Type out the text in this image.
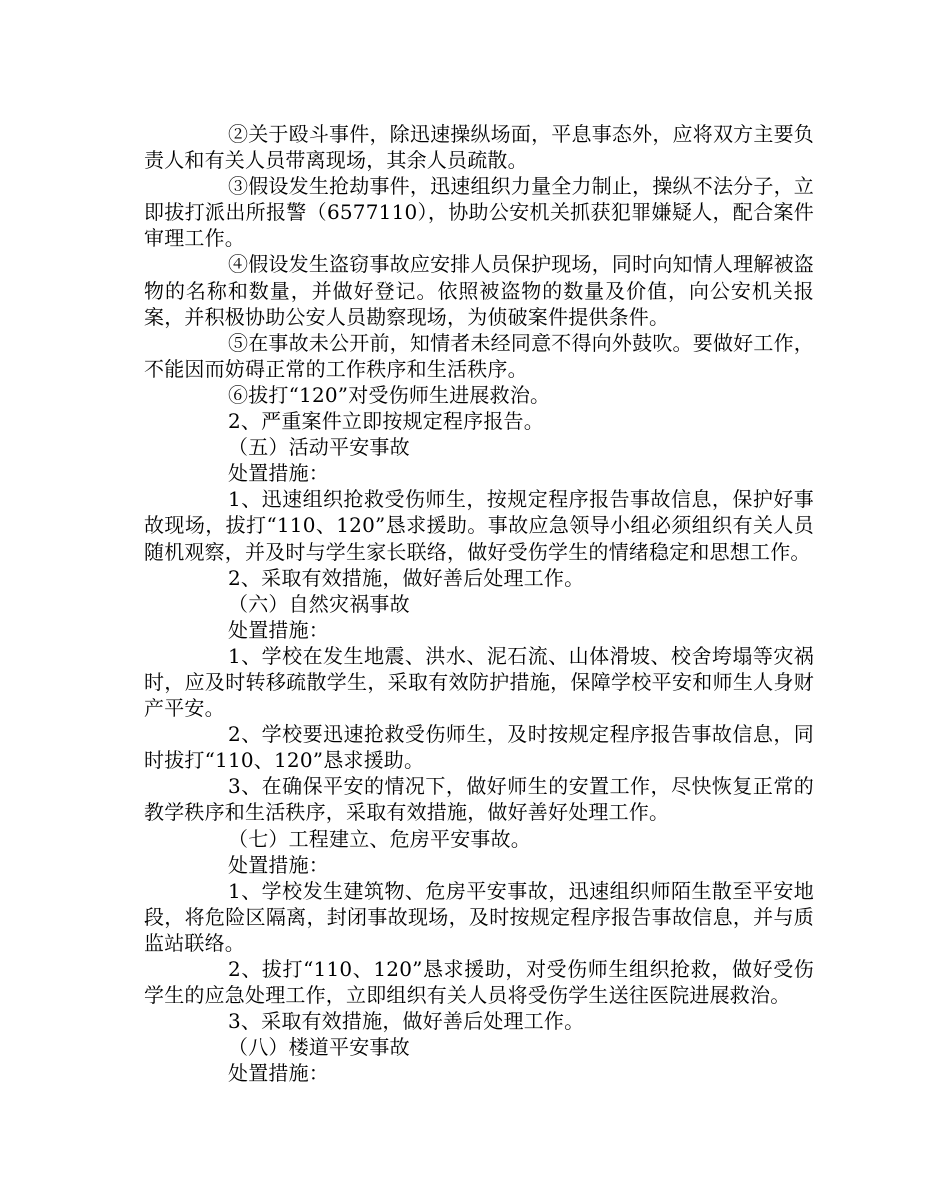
②关于殴斗事件，除迅速操纵场面，平息事态外，应将双方主要负责人和有关人员带离现场，其余人员疏散。

③假设发生抢劫事件，迅速组织力量全力制止，操纵不法分子，立即拔打派出所报警（6577110），协助公安机关抓获犯罪嫌疑人，配合案件审理工作。

④假设发生盗窃事故应安排人员保护现场，同时向知情人理解被盗物的名称和数量，并做好登记。依照被盗物的数量及价值，向公安机关报案，并积极协助公安人员勘察现场，为侦破案件提供条件。

⑤在事故未公开前，知情者未经同意不得向外鼓吹。要做好工作，不能因而妨碍正常的工作秩序和生活秩序。

⑥拔打“120”对受伤师生进展救治。

2、严重案件立即按规定程序报告。

（五）活动平安事故

处置措施：

1、迅速组织抢救受伤师生，按规定程序报告事故信息，保护好事故现场，拔打“110、120”恳求援助。事故应急领导小组必须组织有关人员随机观察，并及时与学生家长联络，做好受伤学生的情绪稳定和思想工作。

2、采取有效措施，做好善后处理工作。

（六）自然灾祸事故

处置措施：

1、学校在发生地震、洪水、泥石流、山体滑坡、校舍垮塌等灾祸时，应及时转移疏散学生，采取有效防护措施，保障学校平安和师生人身财产平安。

2、学校要迅速抢救受伤师生，及时按规定程序报告事故信息，同时拔打“110、120”恳求援助。

3、在确保平安的情况下，做好师生的安置工作，尽快恢复正常的教学秩序和生活秩序，采取有效措施，做好善好处理工作。

（七）工程建立、危房平安事故。

处置措施：

1、学校发生建筑物、危房平安事故，迅速组织师陌生散至平安地段，将危险区隔离，封闭事故现场，及时按规定程序报告事故信息，并与质监站联络。

2、拔打“110、120”恳求援助，对受伤师生组织抢救，做好受伤学生的应急处理工作，立即组织有关人员将受伤学生送往医院进展救治。

3、采取有效措施，做好善后处理工作。

（八）楼道平安事故

处置措施：
